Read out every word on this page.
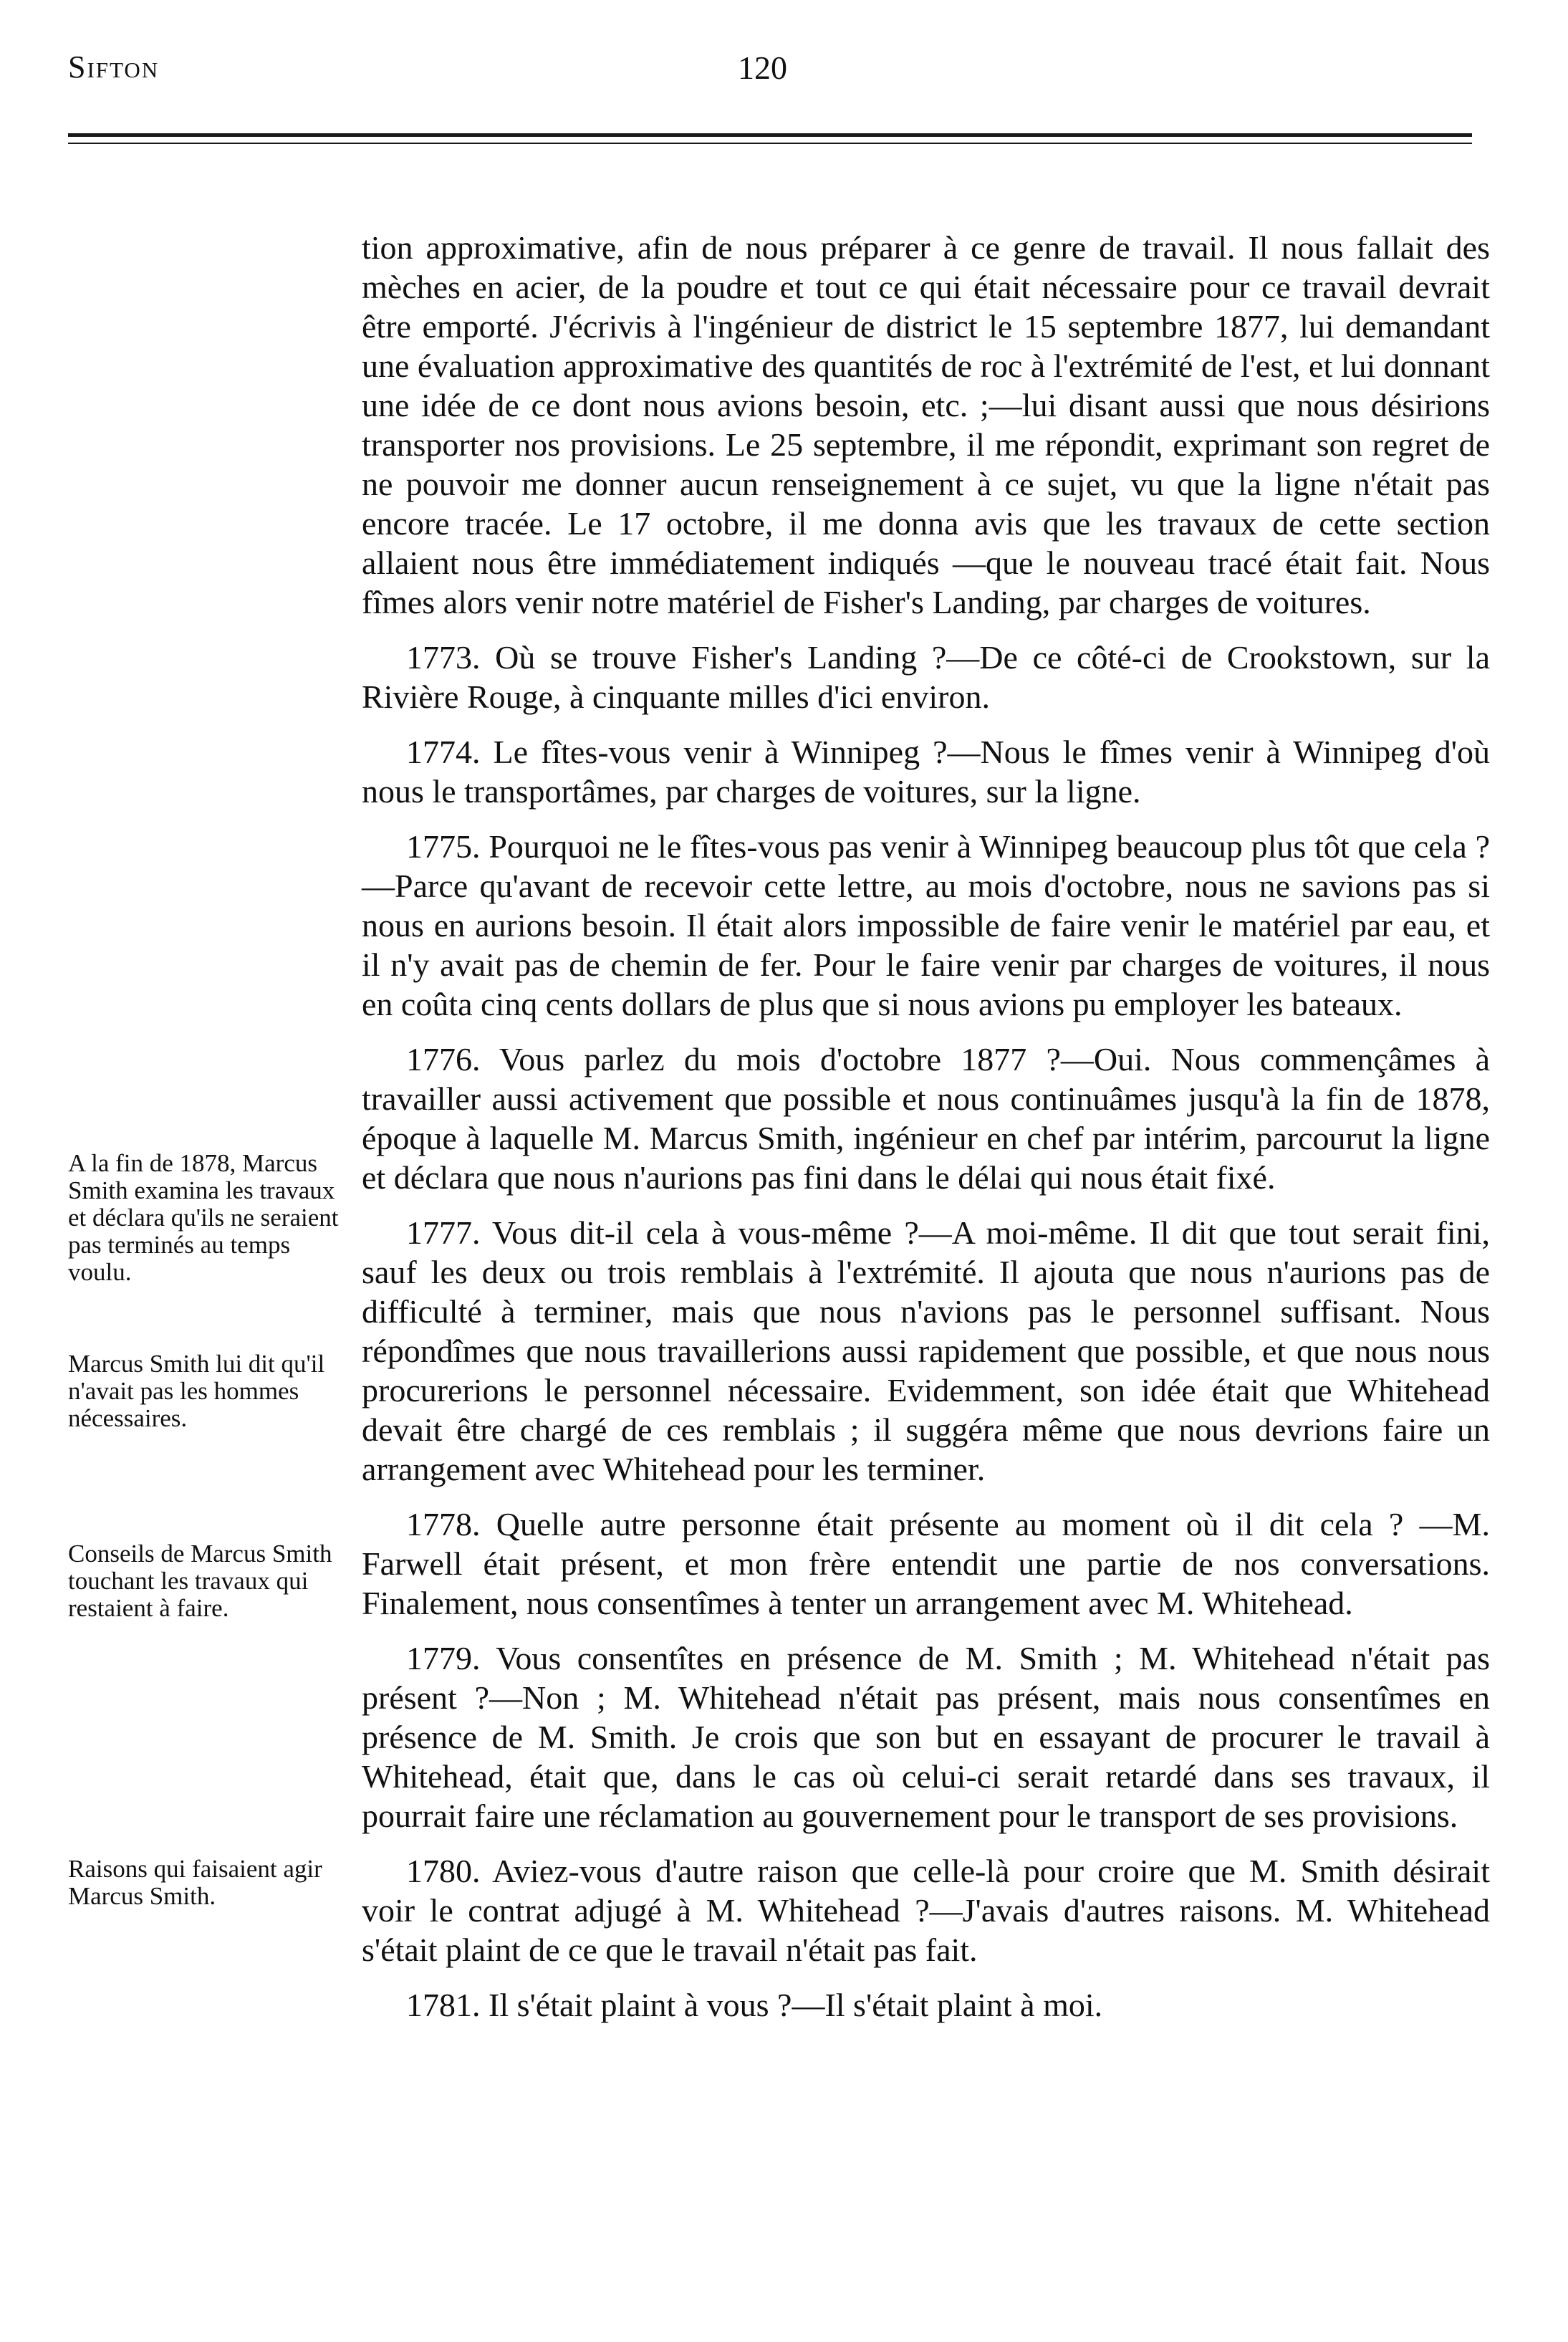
Sifton	120

tion approximative, afin de nous préparer à ce genre de travail. Il nous fallait des mèches en acier, de la poudre et tout ce qui était nécessaire pour ce travail devrait être emporté. J'écrivis à l'ingénieur de district le 15 septembre 1877, lui demandant une évaluation approximative des quantités de roc à l'extrémité de l'est, et lui donnant une idée de ce dont nous avions besoin, etc. ;—lui disant aussi que nous désirions transporter nos provisions. Le 25 septembre, il me répondit, exprimant son regret de ne pouvoir me donner aucun renseignement à ce sujet, vu que la ligne n'était pas encore tracée. Le 17 octobre, il me donna avis que les travaux de cette section allaient nous être immédiatement indiqués —que le nouveau tracé était fait. Nous fîmes alors venir notre matériel de Fisher's Landing, par charges de voitures.

1773. Où se trouve Fisher's Landing ?—De ce côté-ci de Crookstown, sur la Rivière Rouge, à cinquante milles d'ici environ.

1774. Le fîtes-vous venir à Winnipeg ?—Nous le fîmes venir à Winnipeg d'où nous le transportâmes, par charges de voitures, sur la ligne.

1775. Pourquoi ne le fîtes-vous pas venir à Winnipeg beaucoup plus tôt que cela ?—Parce qu'avant de recevoir cette lettre, au mois d'octobre, nous ne savions pas si nous en aurions besoin. Il était alors impossible de faire venir le matériel par eau, et il n'y avait pas de chemin de fer. Pour le faire venir par charges de voitures, il nous en coûta cinq cents dollars de plus que si nous avions pu employer les bateaux.

1776. Vous parlez du mois d'octobre 1877 ?—Oui. Nous commençâmes à travailler aussi activement que possible et nous continuâmes jusqu'à la fin de 1878, époque à laquelle M. Marcus Smith, ingénieur en chef par intérim, parcourut la ligne et déclara que nous n'aurions pas fini dans le délai qui nous était fixé.

1777. Vous dit-il cela à vous-même ?—A moi-même. Il dit que tout serait fini, sauf les deux ou trois remblais à l'extrémité. Il ajouta que nous n'aurions pas de difficulté à terminer, mais que nous n'avions pas le personnel suffisant. Nous répondîmes que nous travaillerions aussi rapidement que possible, et que nous nous procurerions le personnel nécessaire. Evidemment, son idée était que Whitehead devait être chargé de ces remblais ; il suggéra même que nous devrions faire un arrangement avec Whitehead pour les terminer.

1778. Quelle autre personne était présente au moment où il dit cela ? —M. Farwell était présent, et mon frère entendit une partie de nos conversations. Finalement, nous consentîmes à tenter un arrangement avec M. Whitehead.

1779. Vous consentîtes en présence de M. Smith ; M. Whitehead n'était pas présent ?—Non ; M. Whitehead n'était pas présent, mais nous consentîmes en présence de M. Smith. Je crois que son but en essayant de procurer le travail à Whitehead, était que, dans le cas où celui-ci serait retardé dans ses travaux, il pourrait faire une réclamation au gouvernement pour le transport de ses provisions.

1780. Aviez-vous d'autre raison que celle-là pour croire que M. Smith désirait voir le contrat adjugé à M. Whitehead ?—J'avais d'autres raisons. M. Whitehead s'était plaint de ce que le travail n'était pas fait.

1781. Il s'était plaint à vous ?—Il s'était plaint à moi.

A la fin de 1878, Marcus Smith examina les travaux et déclara qu'ils ne seraient pas terminés au temps voulu.
Marcus Smith lui dit qu'il n'avait pas les hommes nécessaires.
Conseils de Marcus Smith touchant les travaux qui restaient à faire.
Raisons qui faisaient agir Marcus Smith.
